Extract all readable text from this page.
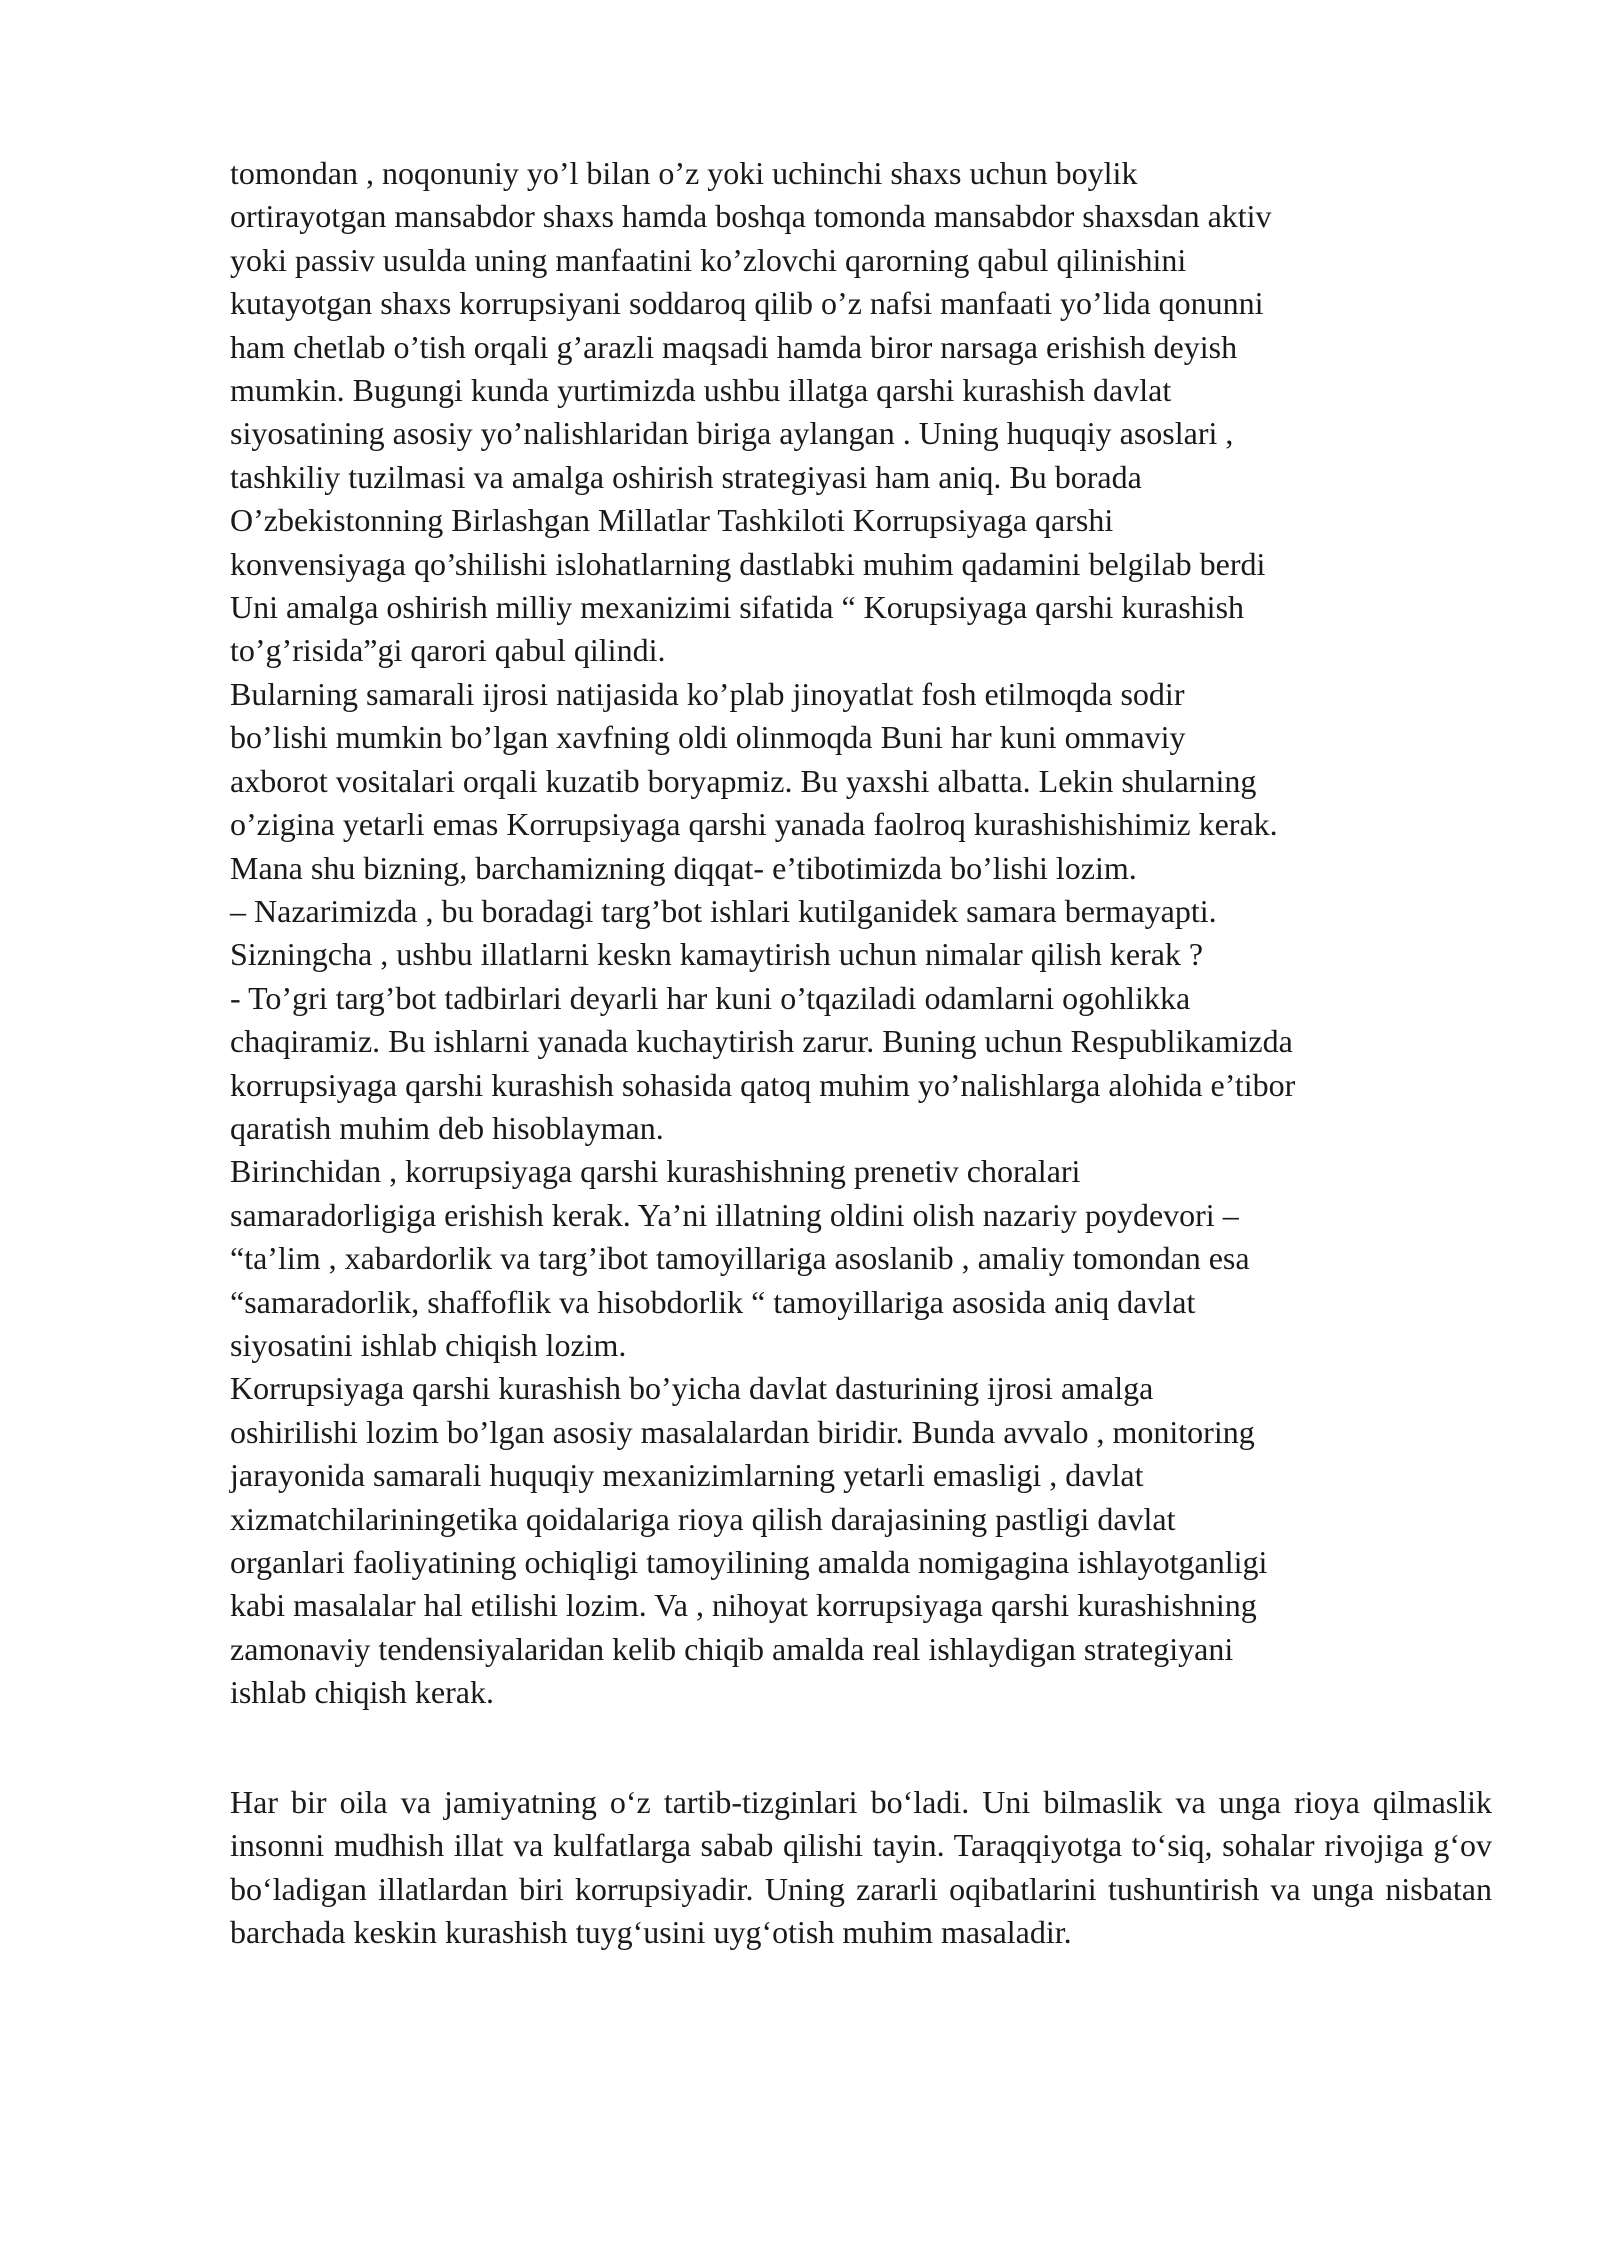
tomondan , noqonuniy yo’l bilan o’z yoki uchinchi shaxs uchun boylik
ortirayotgan mansabdor shaxs hamda boshqa tomonda mansabdor shaxsdan aktiv
yoki passiv usulda uning manfaatini ko’zlovchi qarorning qabul qilinishini
kutayotgan shaxs korrupsiyani soddaroq qilib o’z nafsi manfaati yo’lida qonunni
ham chetlab o’tish orqali g’arazli maqsadi hamda biror narsaga erishish deyish
mumkin. Bugungi kunda yurtimizda ushbu illatga qarshi kurashish davlat
siyosatining asosiy yo’nalishlaridan biriga aylangan . Uning huquqiy asoslari ,
tashkiliy tuzilmasi va amalga oshirish strategiyasi ham aniq. Bu borada
O’zbekistonning Birlashgan Millatlar Tashkiloti Korrupsiyaga qarshi
konvensiyaga qo’shilishi islohatlarning dastlabki muhim qadamini belgilab berdi
Uni amalga oshirish milliy mexanizimi sifatida “ Korupsiyaga qarshi kurashish
to’g’risida”gi qarori qabul qilindi.
Bularning samarali ijrosi natijasida ko’plab jinoyatlat fosh etilmoqda sodir
bo’lishi mumkin bo’lgan xavfning oldi olinmoqda Buni har kuni ommaviy
axborot vositalari orqali kuzatib boryapmiz. Bu yaxshi albatta. Lekin shularning
o’zigina yetarli emas Korrupsiyaga qarshi yanada faolroq kurashishishimiz kerak.
Mana shu bizning, barchamizning diqqat- e’tibotimizda bo’lishi lozim.
– Nazarimizda , bu boradagi targ’bot ishlari kutilganidek samara bermayapti.
Sizningcha , ushbu illatlarni keskn kamaytirish uchun nimalar qilish kerak ?
- To’gri targ’bot tadbirlari deyarli har kuni o’tqaziladi odamlarni ogohlikka
chaqiramiz. Bu ishlarni yanada kuchaytirish zarur. Buning uchun Respublikamizda
korrupsiyaga qarshi kurashish sohasida qatoq muhim yo’nalishlarga alohida e’tibor
qaratish muhim deb hisoblayman.
Birinchidan , korrupsiyaga qarshi kurashishning prenetiv choralari
samaradorligiga erishish kerak. Ya’ni illatning oldini olish nazariy poydevori –
“ta’lim , xabardorlik va targ’ibot tamoyillariga asoslanib , amaliy tomondan esa
“samaradorlik, shaffoflik va hisobdorlik “ tamoyillariga asosida aniq davlat
siyosatini ishlab chiqish lozim.
Korrupsiyaga qarshi kurashish bo’yicha davlat dasturining ijrosi amalga
oshirilishi lozim bo’lgan asosiy masalalardan biridir. Bunda avvalo , monitoring
jarayonida samarali huquqiy mexanizimlarning yetarli emasligi , davlat
xizmatchilariningetika qoidalariga rioya qilish darajasining pastligi davlat
organlari faoliyatining ochiqligi tamoyilining amalda nomigagina ishlayotganligi
kabi masalalar hal etilishi lozim. Va , nihoyat korrupsiyaga qarshi kurashishning
zamonaviy tendensiyalaridan kelib chiqib amalda real ishlaydigan strategiyani
ishlab chiqish kerak.
Har bir oila va jamiyatning o‘z tartib-tizginlari bo‘ladi. Uni bilmaslik va unga rioya qilmaslik insonni mudhish illat va kulfatlarga sabab qilishi tayin. Taraqqiyotga to‘siq, sohalar rivojiga g‘ov bo‘ladigan illatlardan biri korrupsiyadir. Uning zararli oqibatlarini tushuntirish va unga nisbatan barchada keskin kurashish tuyg‘usini uyg‘otish muhim masaladir.
